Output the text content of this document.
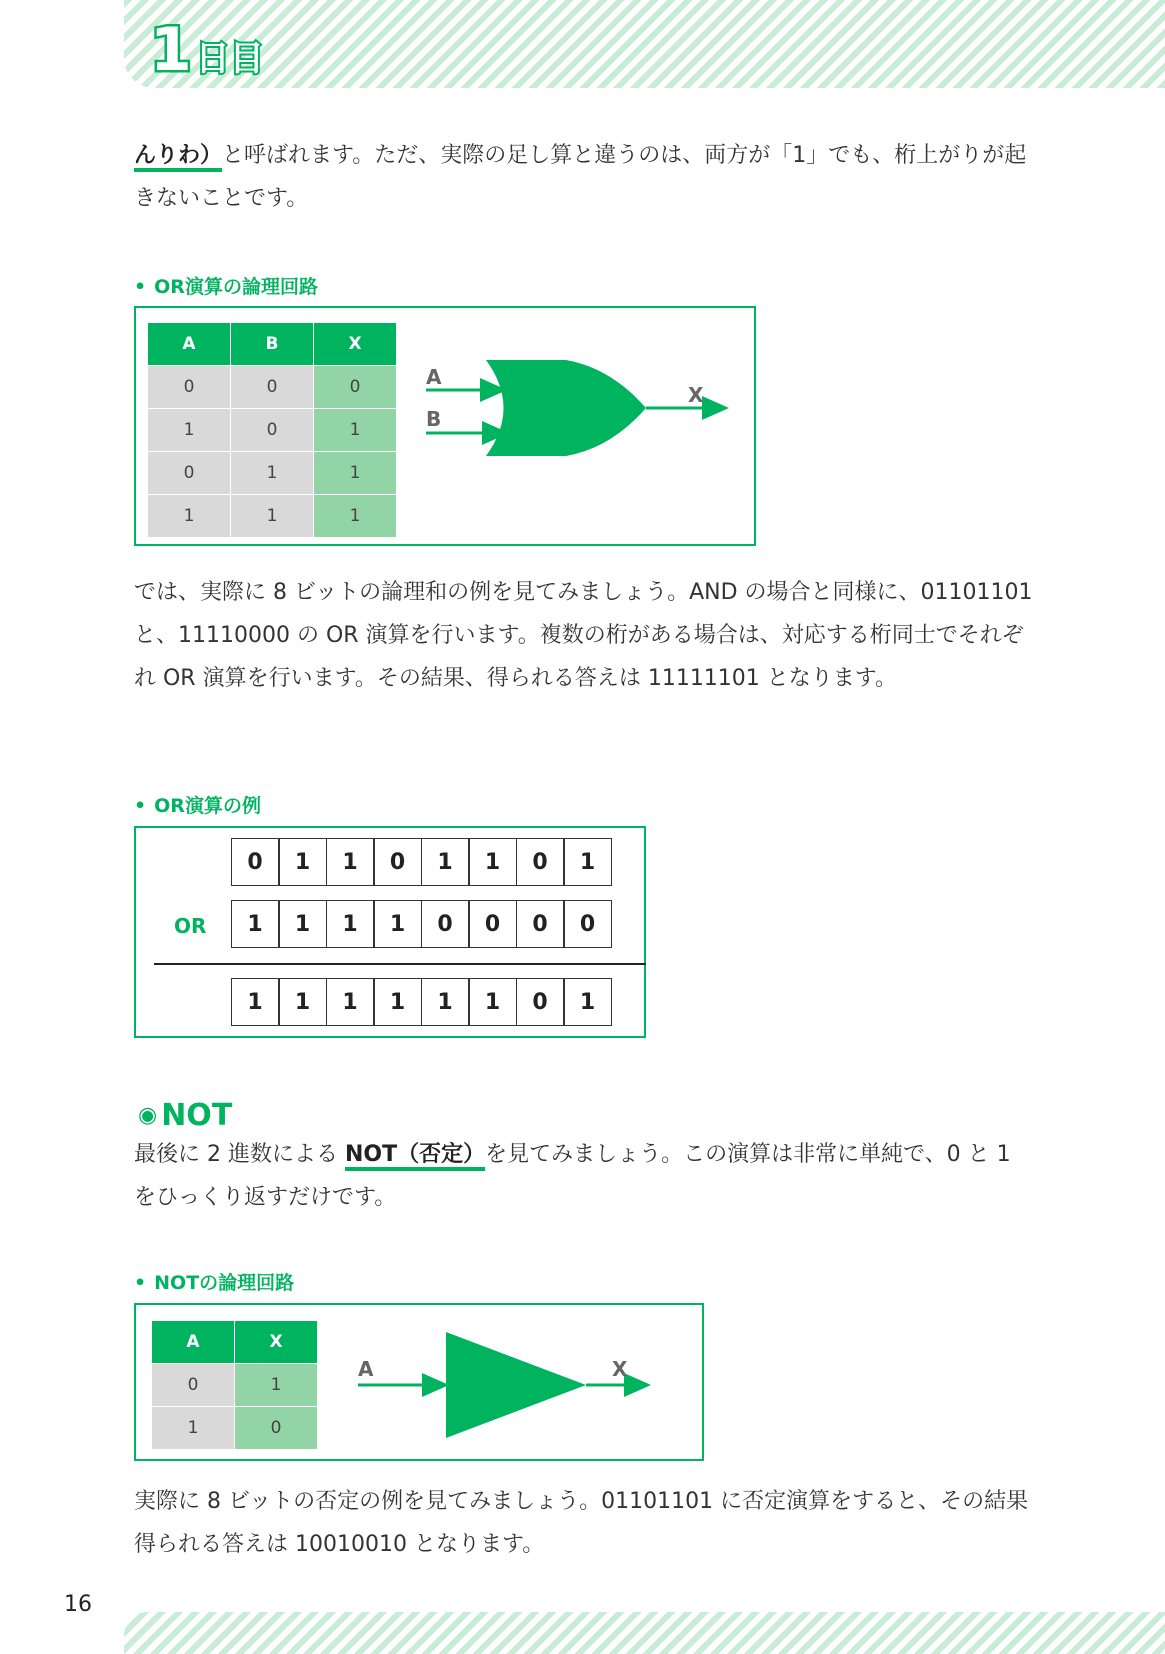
1 日目

んりわ）と呼ばれます。ただ、実際の足し算と違うのは、両方が「1」でも、桁上がりが起きないことです。

• OR演算の論理回路
A	B	X
0	0	0
1	0	1
0	1	1
1	1	1
A
B
X

では、実際に 8 ビットの論理和の例を見てみましょう。AND の場合と同様に、01101101 と、11110000 の OR 演算を行います。複数の桁がある場合は、対応する桁同士でそれぞれ OR 演算を行います。その結果、得られる答えは 11111101 となります。

• OR演算の例
0	1	1	0	1	1	0	1
OR	1	1	1	1	0	0	0	0
1	1	1	1	1	1	0	1
◉ NOT

最後に 2 進数による NOT（否定）を見てみましょう。この演算は非常に単純で、0 と 1 をひっくり返すだけです。

• NOTの論理回路
A	X
0	1
1	0
A	X

実際に 8 ビットの否定の例を見てみましょう。01101101 に否定演算をすると、その結果得られる答えは 10010010 となります。

16
